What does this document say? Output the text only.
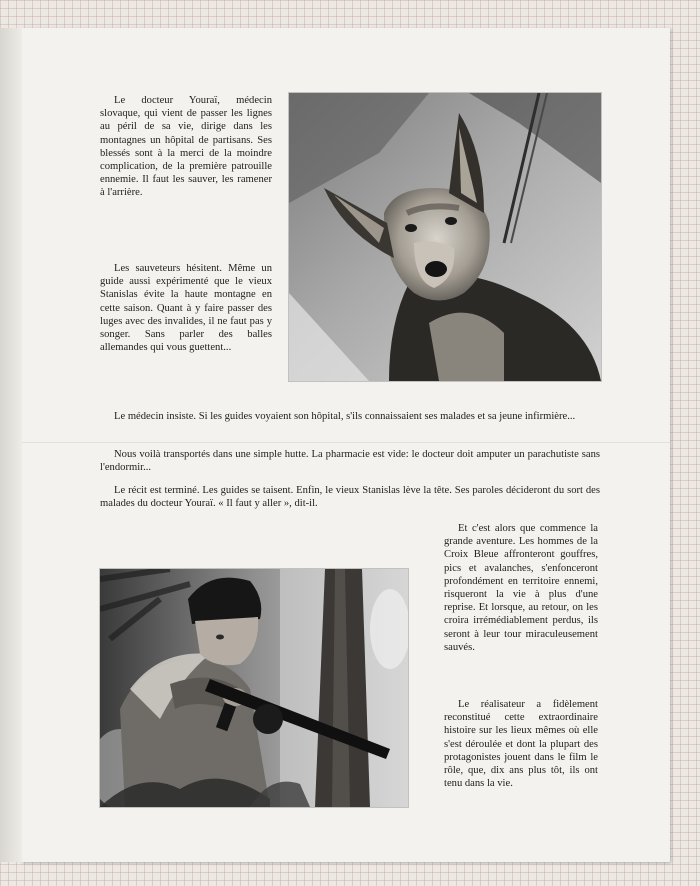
Le docteur Youraï, médecin slovaque, qui vient de passer les lignes au péril de sa vie, dirige dans les montagnes un hôpital de partisans. Ses blessés sont à la merci de la moindre complication, de la première patrouille ennemie. Il faut les sauver, les ramener à l'arrière.

Les sauveteurs hésitent. Même un guide aussi expérimenté que le vieux Stanislas évite la haute montagne en cette saison. Quant à y faire passer des luges avec des invalides, il ne faut pas y songer. Sans parler des balles allemandes qui vous guettent...

Le médecin insiste. Si les guides voyaient son hôpital, s'ils connaissaient ses malades et sa jeune infirmière...

Nous voilà transportés dans une simple hutte. La pharmacie est vide: le docteur doit amputer un parachutiste sans l'endormir...

Le récit est terminé. Les guides se taisent. Enfin, le vieux Stanislas lève la tête. Ses paroles décideront du sort des malades du docteur Youraï. « Il faut y aller », dit-il.

Et c'est alors que commence la grande aventure. Les hommes de la Croix Bleue affronteront gouffres, pics et avalanches, s'enfonceront profondément en territoire ennemi, risqueront la vie à plus d'une reprise. Et lorsque, au retour, on les croira irrémédiablement perdus, ils seront à leur tour miraculeusement sauvés.

Le réalisateur a fidèlement reconstitué cette extraordinaire histoire sur les lieux mêmes où elle s'est déroulée et dont la plupart des protagonistes jouent dans le film le rôle, que, dix ans plus tôt, ils ont tenu dans la vie.
